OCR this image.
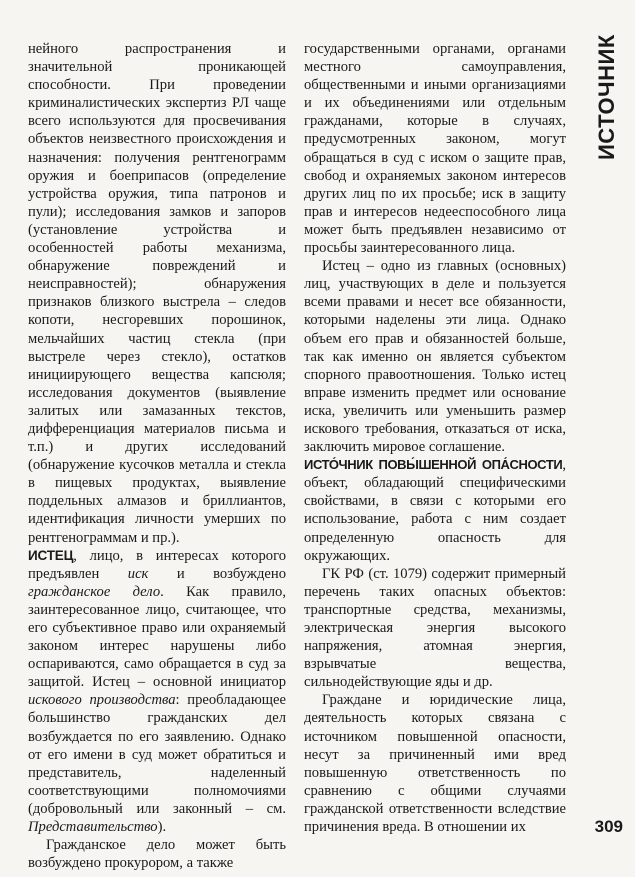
нейного распространения и значительной проникающей способности. При проведении криминалистических экспертиз РЛ чаще всего используются для просвечивания объектов неизвестного происхождения и назначения: получения рентгенограмм оружия и боеприпасов (определение устройства оружия, типа патронов и пули); исследования замков и запоров (установление устройства и особенностей работы механизма, обнаружение повреждений и неисправностей); обнаружения признаков близкого выстрела – следов копоти, несгоревших порошинок, мельчайших частиц стекла (при выстреле через стекло), остатков инициирующего вещества капсюля; исследования документов (выявление залитых или замазанных текстов, дифференциация материалов письма и т.п.) и других исследований (обнаружение кусочков металла и стекла в пищевых продуктах, выявление поддельных алмазов и бриллиантов, идентификация личности умерших по рентгенограммам и пр.).

ИСТЕЦ, лицо, в интересах которого предъявлен иск и возбуждено гражданское дело. Как правило, заинтересованное лицо, считающее, что его субъективное право или охраняемый законом интерес нарушены либо оспариваются, само обращается в суд за защитой. Истец – основной инициатор искового производства: преобладающее большинство гражданских дел возбуждается по его заявлению. Однако от его имени в суд может обратиться и представитель, наделенный соответствующими полномочиями (добровольный или законный – см. Представительство).

Гражданское дело может быть возбуждено прокурором, а также

государственными органами, органами местного самоуправления, общественными и иными организациями и их объединениями или отдельным гражданами, которые в случаях, предусмотренных законом, могут обращаться в суд с иском о защите прав, свобод и охраняемых законом интересов других лиц по их просьбе; иск в защиту прав и интересов недееспособного лица может быть предъявлен независимо от просьбы заинтересованного лица.

Истец – одно из главных (основных) лиц, участвующих в деле и пользуется всеми правами и несет все обязанности, которыми наделены эти лица. Однако объем его прав и обязанностей больше, так как именно он является субъектом спорного правоотношения. Только истец вправе изменить предмет или основание иска, увеличить или уменьшить размер искового требования, отказаться от иска, заключить мировое соглашение.

ИСТО́ЧНИК ПОВЫ́ШЕННОЙ ОПА́СНОСТИ, объект, обладающий специфическими свойствами, в связи с которыми его использование, работа с ним создает определенную опасность для окружающих.

ГК РФ (ст. 1079) содержит примерный перечень таких опасных объектов: транспортные средства, механизмы, электрическая энергия высокого напряжения, атомная энергия, взрывчатые вещества, сильнодействующие яды и др.

Граждане и юридические лица, деятельность которых связана с источником повышенной опасности, несут за причиненный ими вред повышенную ответственность по сравнению с общими случаями гражданской ответственности вследствие причинения вреда. В отношении их

ИСТОЧНИК
309
